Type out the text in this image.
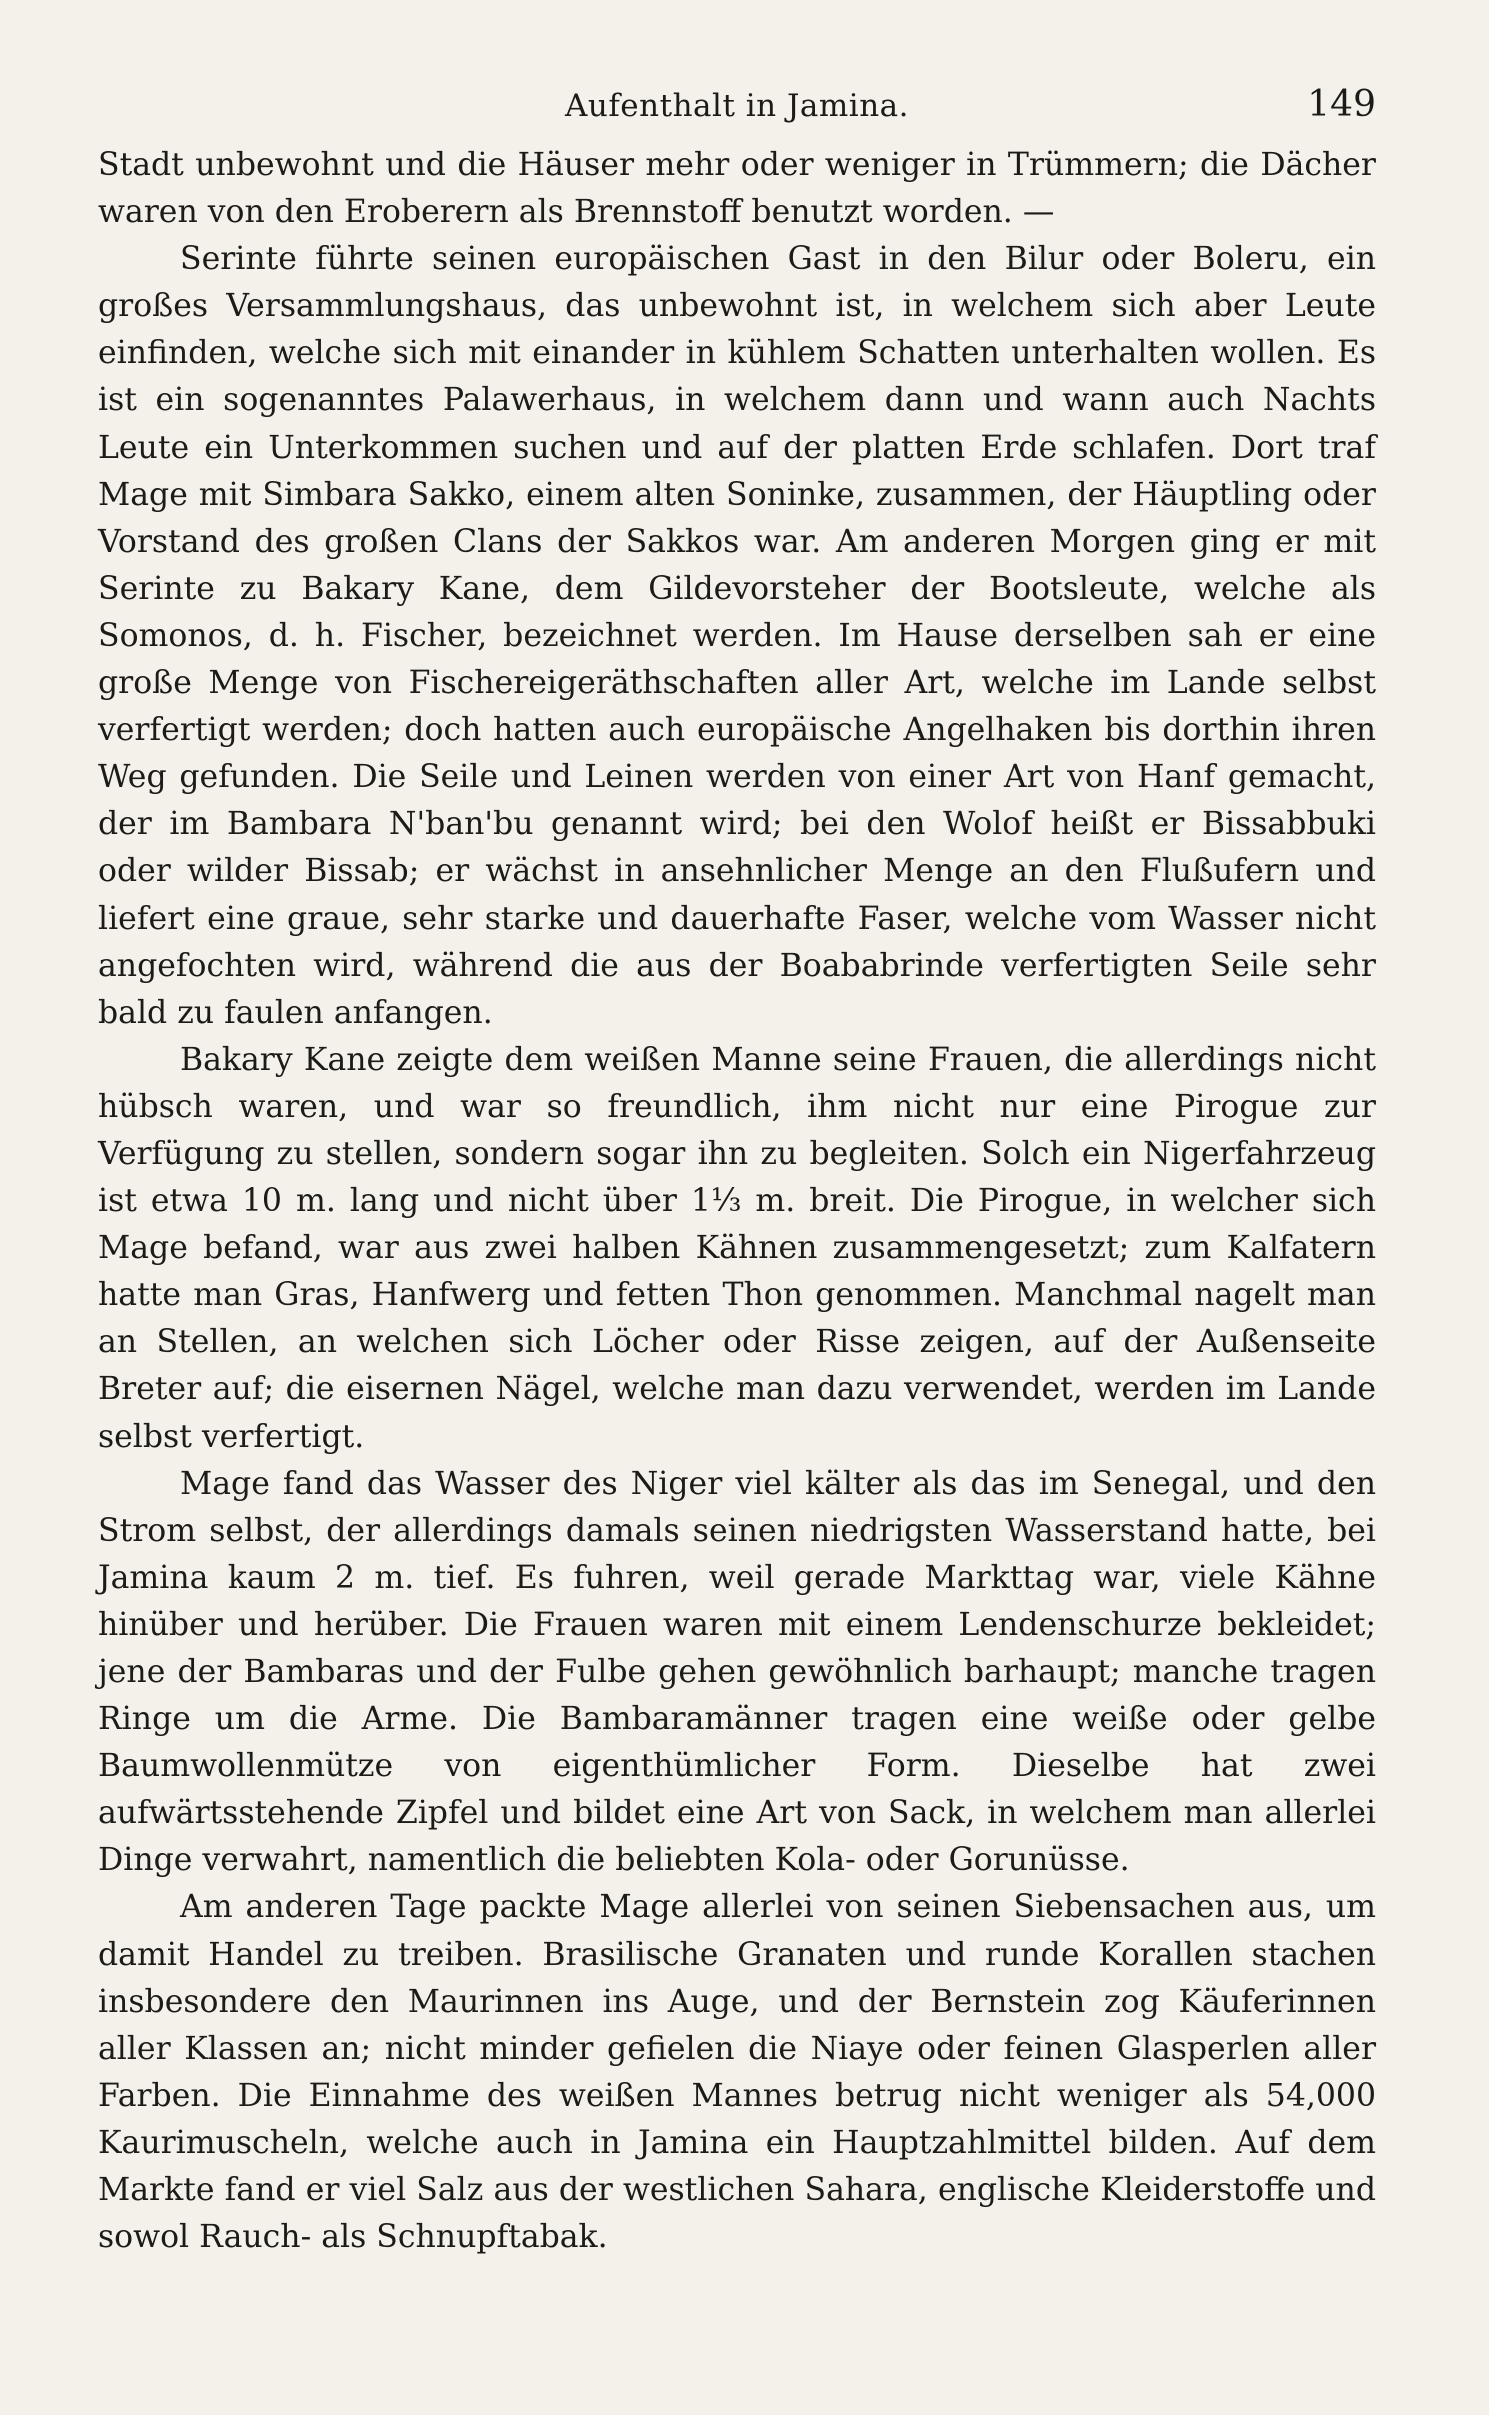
Aufenthalt in Jamina.	149

Stadt unbewohnt und die Häuser mehr oder weniger in Trümmern; die Dächer waren von den Eroberern als Brennstoff benutzt worden. —

Serinte führte seinen europäischen Gast in den Bilur oder Boleru, ein großes Versammlungshaus, das unbewohnt ist, in welchem sich aber Leute einfinden, welche sich mit einander in kühlem Schatten unterhalten wollen. Es ist ein sogenanntes Palawerhaus, in welchem dann und wann auch Nachts Leute ein Unterkommen suchen und auf der platten Erde schlafen. Dort traf Mage mit Simbara Sakko, einem alten Soninke, zusammen, der Häuptling oder Vorstand des großen Clans der Sakkos war. Am anderen Morgen ging er mit Serinte zu Bakary Kane, dem Gildevorsteher der Bootsleute, welche als Somonos, d. h. Fischer, bezeichnet werden. Im Hause derselben sah er eine große Menge von Fischereigeräthschaften aller Art, welche im Lande selbst verfertigt werden; doch hatten auch europäische Angelhaken bis dorthin ihren Weg gefunden. Die Seile und Leinen werden von einer Art von Hanf gemacht, der im Bambara N'ban'bu genannt wird; bei den Wolof heißt er Bissabbuki oder wilder Bissab; er wächst in ansehnlicher Menge an den Flußufern und liefert eine graue, sehr starke und dauerhafte Faser, welche vom Wasser nicht angefochten wird, während die aus der Boababrinde verfertigten Seile sehr bald zu faulen anfangen.

Bakary Kane zeigte dem weißen Manne seine Frauen, die allerdings nicht hübsch waren, und war so freundlich, ihm nicht nur eine Pirogue zur Verfügung zu stellen, sondern sogar ihn zu begleiten. Solch ein Nigerfahrzeug ist etwa 10 m. lang und nicht über 1⅓ m. breit. Die Pirogue, in welcher sich Mage befand, war aus zwei halben Kähnen zusammengesetzt; zum Kalfatern hatte man Gras, Hanfwerg und fetten Thon genommen. Manchmal nagelt man an Stellen, an welchen sich Löcher oder Risse zeigen, auf der Außenseite Breter auf; die eisernen Nägel, welche man dazu verwendet, werden im Lande selbst verfertigt.

Mage fand das Wasser des Niger viel kälter als das im Senegal, und den Strom selbst, der allerdings damals seinen niedrigsten Wasserstand hatte, bei Jamina kaum 2 m. tief. Es fuhren, weil gerade Markttag war, viele Kähne hinüber und herüber. Die Frauen waren mit einem Lendenschurze bekleidet; jene der Bambaras und der Fulbe gehen gewöhnlich barhaupt; manche tragen Ringe um die Arme. Die Bambaramänner tragen eine weiße oder gelbe Baumwollenmütze von eigenthümlicher Form. Dieselbe hat zwei aufwärtsstehende Zipfel und bildet eine Art von Sack, in welchem man allerlei Dinge verwahrt, namentlich die beliebten Kola- oder Gorunüsse.

Am anderen Tage packte Mage allerlei von seinen Siebensachen aus, um damit Handel zu treiben. Brasilische Granaten und runde Korallen stachen insbesondere den Maurinnen ins Auge, und der Bernstein zog Käuferinnen aller Klassen an; nicht minder gefielen die Niaye oder feinen Glasperlen aller Farben. Die Einnahme des weißen Mannes betrug nicht weniger als 54,000 Kaurimuscheln, welche auch in Jamina ein Hauptzahlmittel bilden. Auf dem Markte fand er viel Salz aus der westlichen Sahara, englische Kleiderstoffe und sowol Rauch- als Schnupftabak.
